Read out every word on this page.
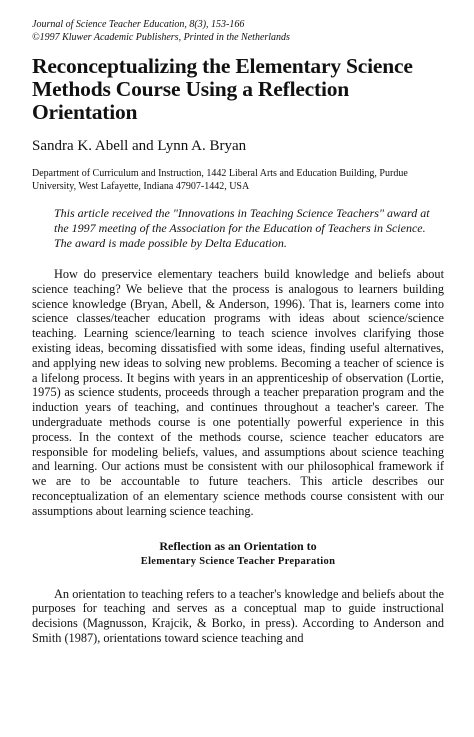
Journal of Science Teacher Education, 8(3), 153-166
©1997 Kluwer Academic Publishers, Printed in the Netherlands
Reconceptualizing the Elementary Science Methods Course Using a Reflection Orientation
Sandra K. Abell and Lynn A. Bryan
Department of Curriculum and Instruction, 1442 Liberal Arts and Education Building, Purdue University, West Lafayette, Indiana 47907-1442, USA
This article received the "Innovations in Teaching Science Teachers" award at the 1997 meeting of the Association for the Education of Teachers in Science. The award is made possible by Delta Education.

How do preservice elementary teachers build knowledge and beliefs about science teaching? We believe that the process is analogous to learners building science knowledge (Bryan, Abell, & Anderson, 1996). That is, learners come into science classes/teacher education programs with ideas about science/science teaching. Learning science/learning to teach science involves clarifying those existing ideas, becoming dissatisfied with some ideas, finding useful alternatives, and applying new ideas to solving new problems. Becoming a teacher of science is a lifelong process. It begins with years in an apprenticeship of observation (Lortie, 1975) as science students, proceeds through a teacher preparation program and the induction years of teaching, and continues throughout a teacher's career. The undergraduate methods course is one potentially powerful experience in this process. In the context of the methods course, science teacher educators are responsible for modeling beliefs, values, and assumptions about science teaching and learning. Our actions must be consistent with our philosophical framework if we are to be accountable to future teachers. This article describes our reconceptualization of an elementary science methods course consistent with our assumptions about learning science teaching.

Reflection as an Orientation to
Elementary Science Teacher Preparation

An orientation to teaching refers to a teacher's knowledge and beliefs about the purposes for teaching and serves as a conceptual map to guide instructional decisions (Magnusson, Krajcik, & Borko, in press). According to Anderson and Smith (1987), orientations toward science teaching and
